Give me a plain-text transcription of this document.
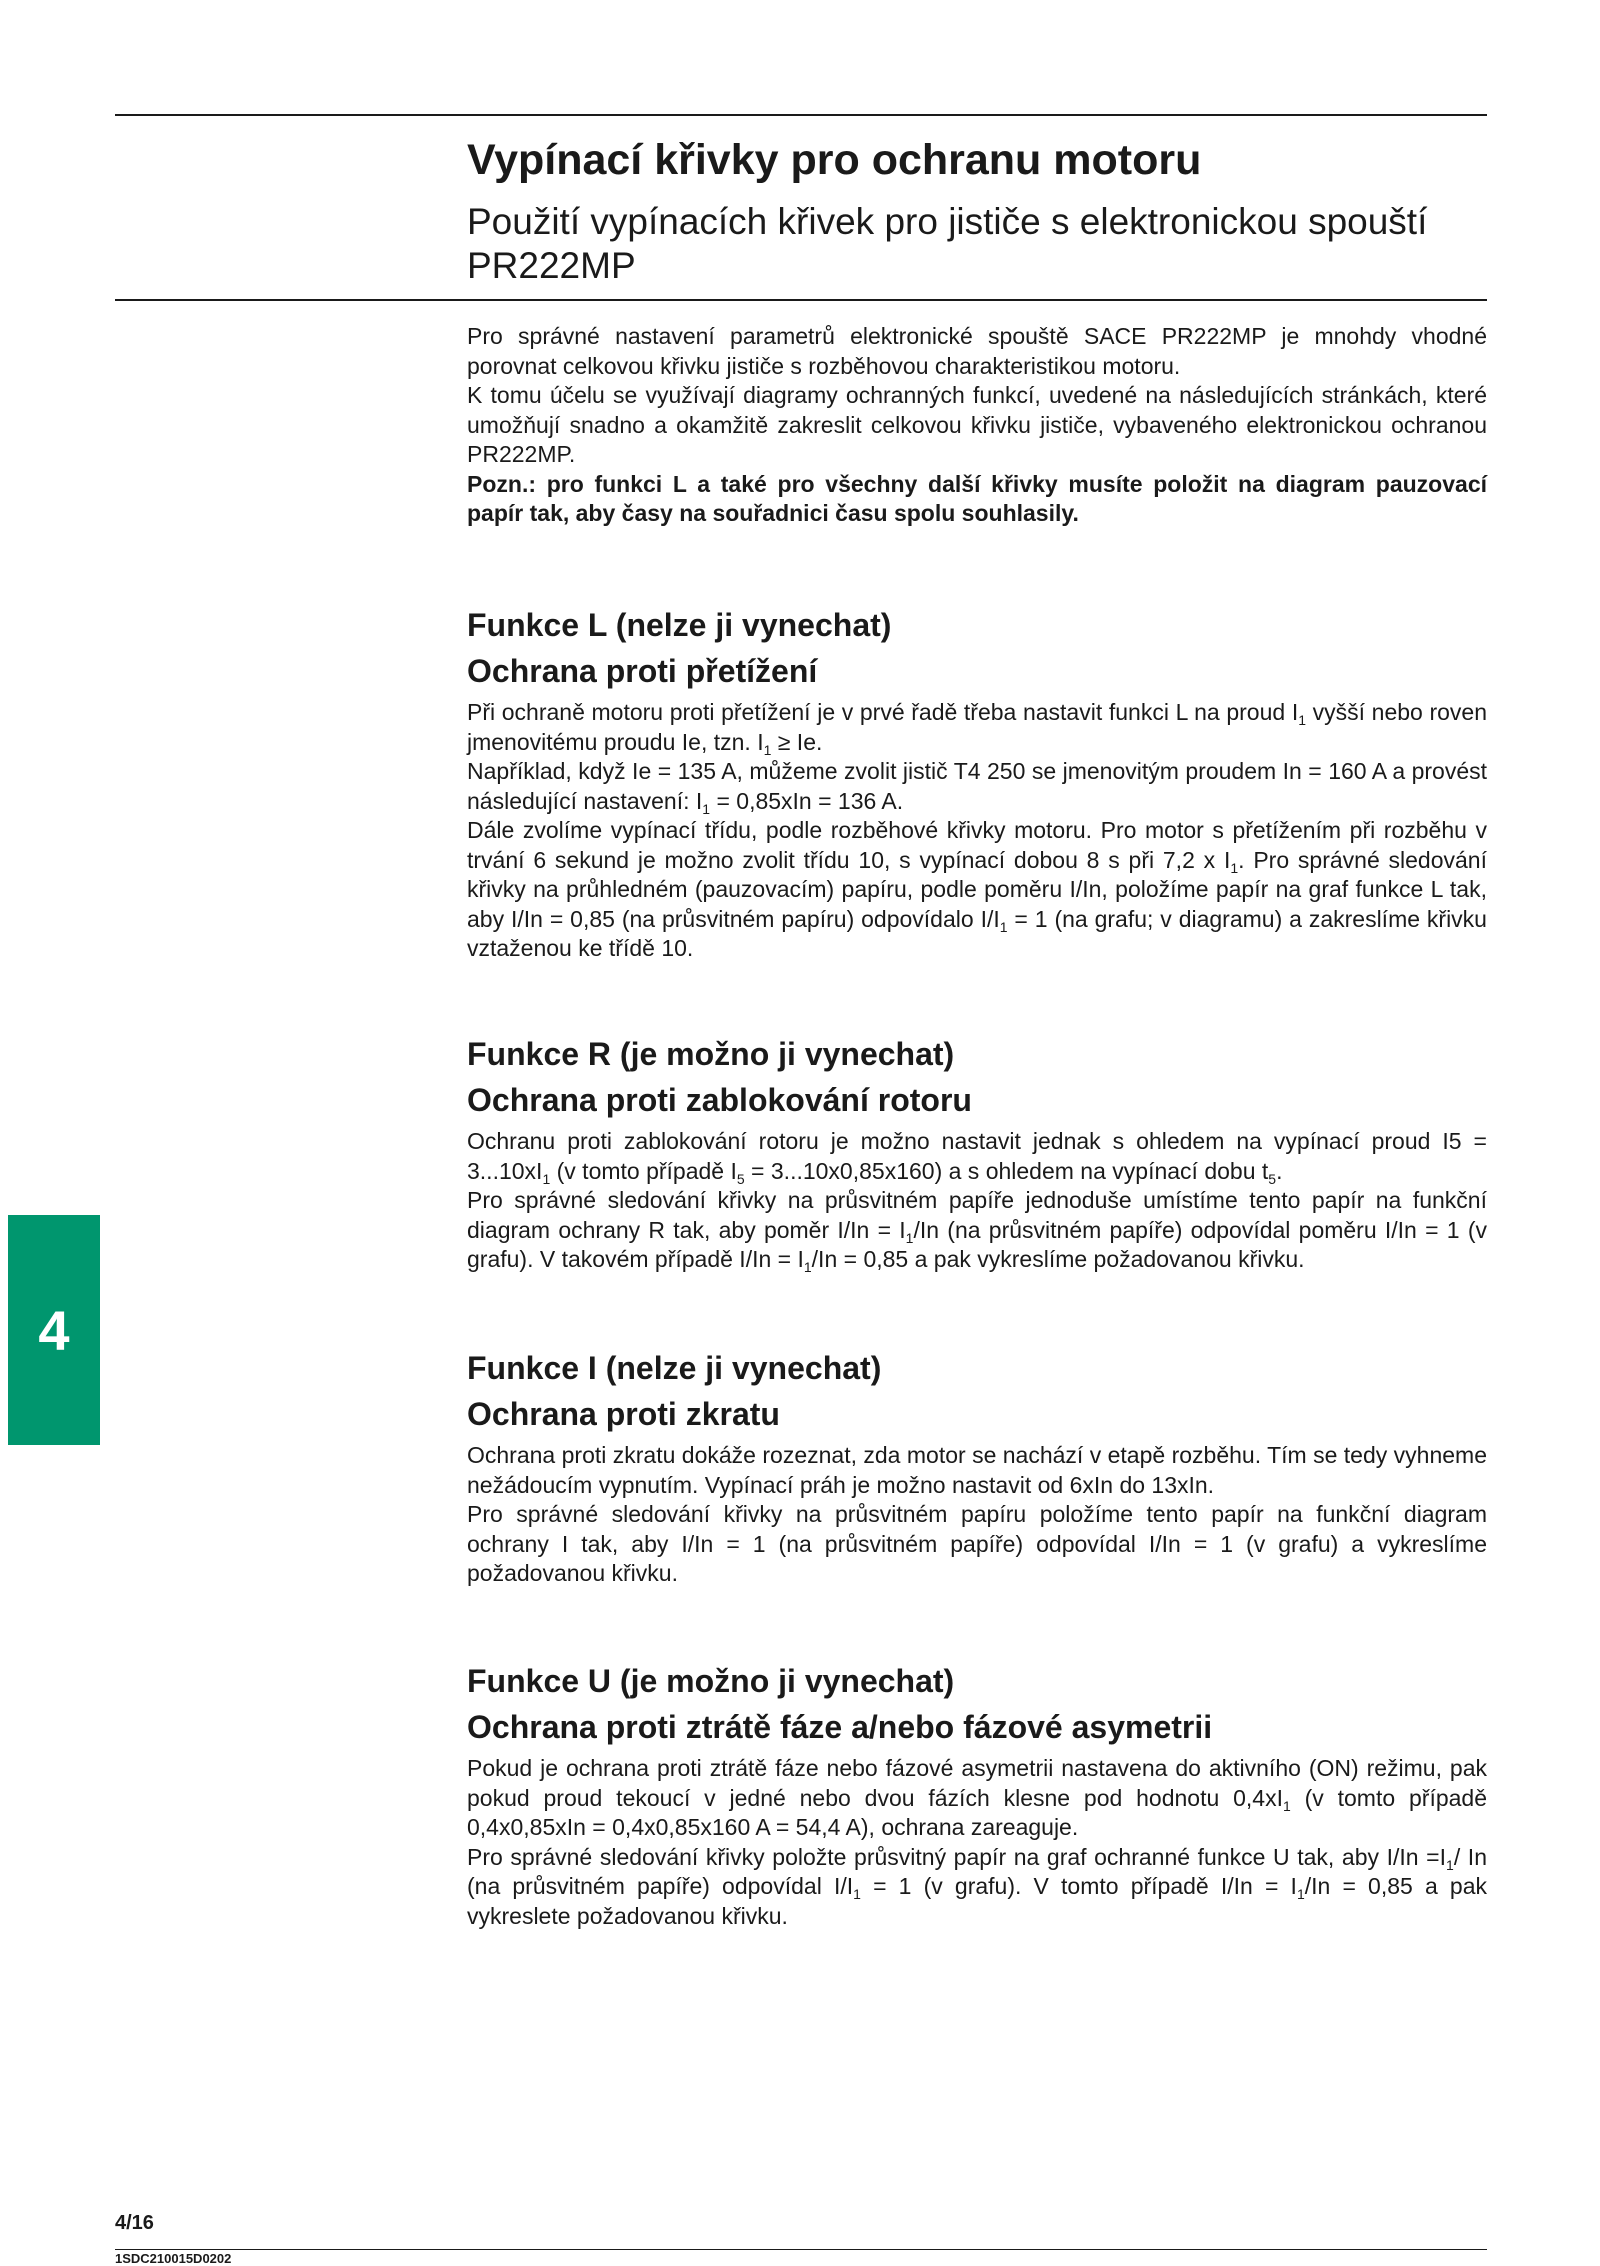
Vypínací křivky pro ochranu motoru
Použití vypínacích křivek pro jističe s elektronickou spouští PR222MP

Pro správné nastavení parametrů elektronické spouště SACE PR222MP je mnohdy vhodné porovnat celkovou křivku jističe s rozběhovou charakteristikou motoru.

K tomu účelu se využívají diagramy ochranných funkcí, uvedené na následujících stránkách, které umožňují snadno a okamžitě zakreslit celkovou křivku jističe, vybaveného elektronickou ochranou PR222MP.

Pozn.: pro funkci L a také pro všechny další křivky musíte položit na diagram pauzovací papír tak, aby časy na souřadnici času spolu souhlasily.

Funkce L (nelze ji vynechat)
Ochrana proti přetížení

Při ochraně motoru proti přetížení je v prvé řadě třeba nastavit funkci L na proud $I_1$ vyšší nebo roven jmenovitému proudu Ie, tzn. $I_1 \ge Ie$.

Například, když Ie = 135 A, můžeme zvolit jistič T4 250 se jmenovitým proudem In = 160 A a provést následující nastavení: $I_1 = 0,85xIn = 136$ A.

Dále zvolíme vypínací třídu, podle rozběhové křivky motoru. Pro motor s přetížením při rozběhu v trvání 6 sekund je možno zvolit třídu 10, s vypínací dobou 8 s při 7,2 x $I_1$. Pro správné sledování křivky na průhledném (pauzovacím) papíru, podle poměru I/In, položíme papír na graf funkce L tak, aby I/In = 0,85 (na průsvitném papíru) odpovídalo $I/I_1 = 1$ (na grafu; v diagramu) a zakreslíme křivku vztaženou ke třídě 10.

Funkce R (je možno ji vynechat)
Ochrana proti zablokování rotoru

Ochranu proti zablokování rotoru je možno nastavit jednak s ohledem na vypínací proud $I5 = 3...10xI_1$ (v tomto případě $I_5 = 3...10x0,85x160$) a s ohledem na vypínací dobu $t_5$.

Pro správné sledování křivky na průsvitném papíře jednoduše umístíme tento papír na funkční diagram ochrany R tak, aby poměr $I/In = I_1/In$ (na průsvitném papíře) odpovídal poměru I/In = 1 (v grafu). V takovém případě $I/In = I_1/In = 0,85$ a pak vykreslíme požadovanou křivku.

Funkce I (nelze ji vynechat)
Ochrana proti zkratu

Ochrana proti zkratu dokáže rozeznat, zda motor se nachází v etapě rozběhu. Tím se tedy vyhneme nežádoucím vypnutím. Vypínací práh je možno nastavit od 6xIn do 13xIn.

Pro správné sledování křivky na průsvitném papíru položíme tento papír na funkční diagram ochrany I tak, aby I/In = 1 (na průsvitném papíře) odpovídal I/In = 1 (v grafu) a vykreslíme požadovanou křivku.

Funkce U (je možno ji vynechat)
Ochrana proti ztrátě fáze a/nebo fázové asymetrii

Pokud je ochrana proti ztrátě fáze nebo fázové asymetrii nastavena do aktivního (ON) režimu, pak pokud proud tekoucí v jedné nebo dvou fázích klesne pod hodnotu $0,4xI_1$ (v tomto případě 0,4x0,85xIn = 0,4x0,85x160 A = 54,4 A), ochrana zareaguje.

Pro správné sledování křivky položte průsvitný papír na graf ochranné funkce U tak, aby $I/In =I_1/$ In (na průsvitném papíře) odpovídal $I/I_1 = 1$ (v grafu). V tomto případě $I/In = I_1/In = 0,85$ a pak vykreslete požadovanou křivku.

4
4/16
1SDC210015D0202
